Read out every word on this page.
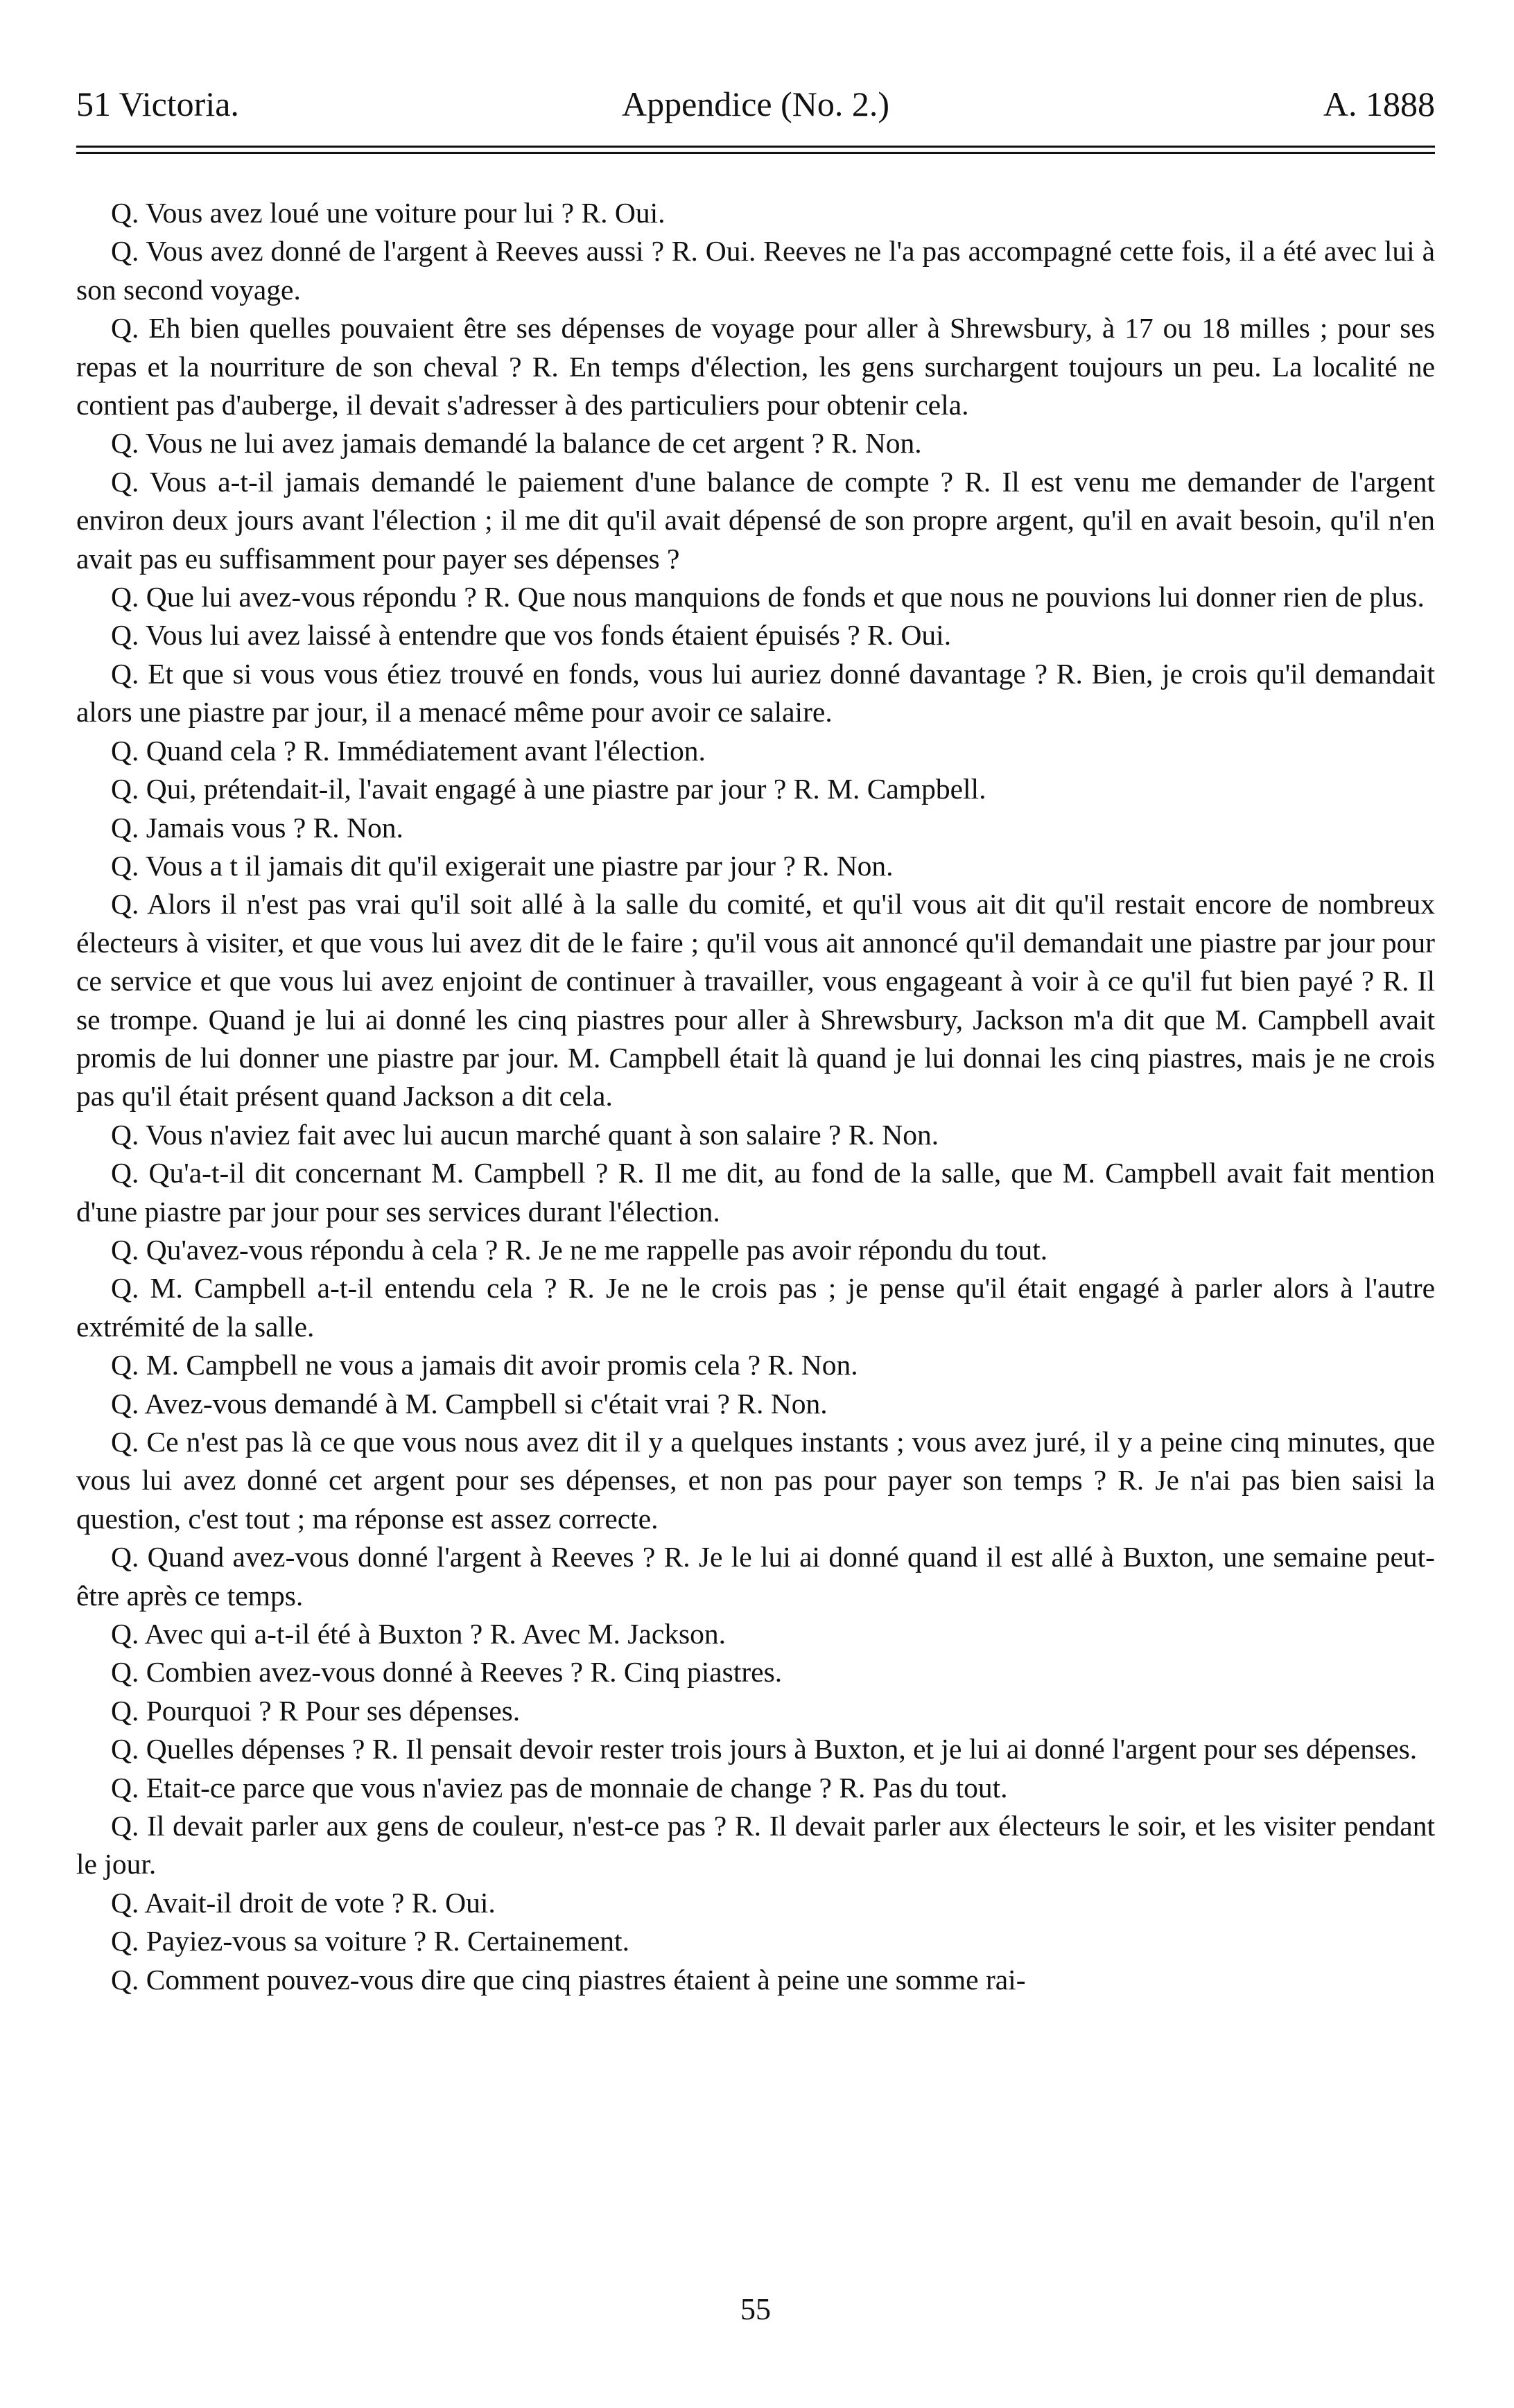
51 Victoria.	Appendice (No. 2.)	A. 1888

Q. Vous avez loué une voiture pour lui ? R. Oui.

Q. Vous avez donné de l'argent à Reeves aussi ? R. Oui. Reeves ne l'a pas accompagné cette fois, il a été avec lui à son second voyage.

Q. Eh bien quelles pouvaient être ses dépenses de voyage pour aller à Shrewsbury, à 17 ou 18 milles ; pour ses repas et la nourriture de son cheval ? R. En temps d'élection, les gens surchargent toujours un peu. La localité ne contient pas d'auberge, il devait s'adresser à des particuliers pour obtenir cela.

Q. Vous ne lui avez jamais demandé la balance de cet argent ? R. Non.

Q. Vous a-t-il jamais demandé le paiement d'une balance de compte ? R. Il est venu me demander de l'argent environ deux jours avant l'élection ; il me dit qu'il avait dépensé de son propre argent, qu'il en avait besoin, qu'il n'en avait pas eu suffisamment pour payer ses dépenses ?

Q. Que lui avez-vous répondu ? R. Que nous manquions de fonds et que nous ne pouvions lui donner rien de plus.

Q. Vous lui avez laissé à entendre que vos fonds étaient épuisés ? R. Oui.

Q. Et que si vous vous étiez trouvé en fonds, vous lui auriez donné davantage ? R. Bien, je crois qu'il demandait alors une piastre par jour, il a menacé même pour avoir ce salaire.

Q. Quand cela ? R. Immédiatement avant l'élection.

Q. Qui, prétendait-il, l'avait engagé à une piastre par jour ? R. M. Campbell.

Q. Jamais vous ? R. Non.

Q. Vous a t il jamais dit qu'il exigerait une piastre par jour ? R. Non.

Q. Alors il n'est pas vrai qu'il soit allé à la salle du comité, et qu'il vous ait dit qu'il restait encore de nombreux électeurs à visiter, et que vous lui avez dit de le faire ; qu'il vous ait annoncé qu'il demandait une piastre par jour pour ce service et que vous lui avez enjoint de continuer à travailler, vous engageant à voir à ce qu'il fut bien payé ? R. Il se trompe. Quand je lui ai donné les cinq piastres pour aller à Shrewsbury, Jackson m'a dit que M. Campbell avait promis de lui donner une piastre par jour. M. Campbell était là quand je lui donnai les cinq piastres, mais je ne crois pas qu'il était présent quand Jackson a dit cela.

Q. Vous n'aviez fait avec lui aucun marché quant à son salaire ? R. Non.

Q. Qu'a-t-il dit concernant M. Campbell ? R. Il me dit, au fond de la salle, que M. Campbell avait fait mention d'une piastre par jour pour ses services durant l'élection.

Q. Qu'avez-vous répondu à cela ? R. Je ne me rappelle pas avoir répondu du tout.

Q. M. Campbell a-t-il entendu cela ? R. Je ne le crois pas ; je pense qu'il était engagé à parler alors à l'autre extrémité de la salle.

Q. M. Campbell ne vous a jamais dit avoir promis cela ? R. Non.

Q. Avez-vous demandé à M. Campbell si c'était vrai ? R. Non.

Q. Ce n'est pas là ce que vous nous avez dit il y a quelques instants ; vous avez juré, il y a peine cinq minutes, que vous lui avez donné cet argent pour ses dépenses, et non pas pour payer son temps ? R. Je n'ai pas bien saisi la question, c'est tout ; ma réponse est assez correcte.

Q. Quand avez-vous donné l'argent à Reeves ? R. Je le lui ai donné quand il est allé à Buxton, une semaine peut-être après ce temps.

Q. Avec qui a-t-il été à Buxton ? R. Avec M. Jackson.

Q. Combien avez-vous donné à Reeves ? R. Cinq piastres.

Q. Pourquoi ? R Pour ses dépenses.

Q. Quelles dépenses ? R. Il pensait devoir rester trois jours à Buxton, et je lui ai donné l'argent pour ses dépenses.

Q. Etait-ce parce que vous n'aviez pas de monnaie de change ? R. Pas du tout.

Q. Il devait parler aux gens de couleur, n'est-ce pas ? R. Il devait parler aux électeurs le soir, et les visiter pendant le jour.

Q. Avait-il droit de vote ? R. Oui.

Q. Payiez-vous sa voiture ? R. Certainement.

Q. Comment pouvez-vous dire que cinq piastres étaient à peine une somme rai-

55
